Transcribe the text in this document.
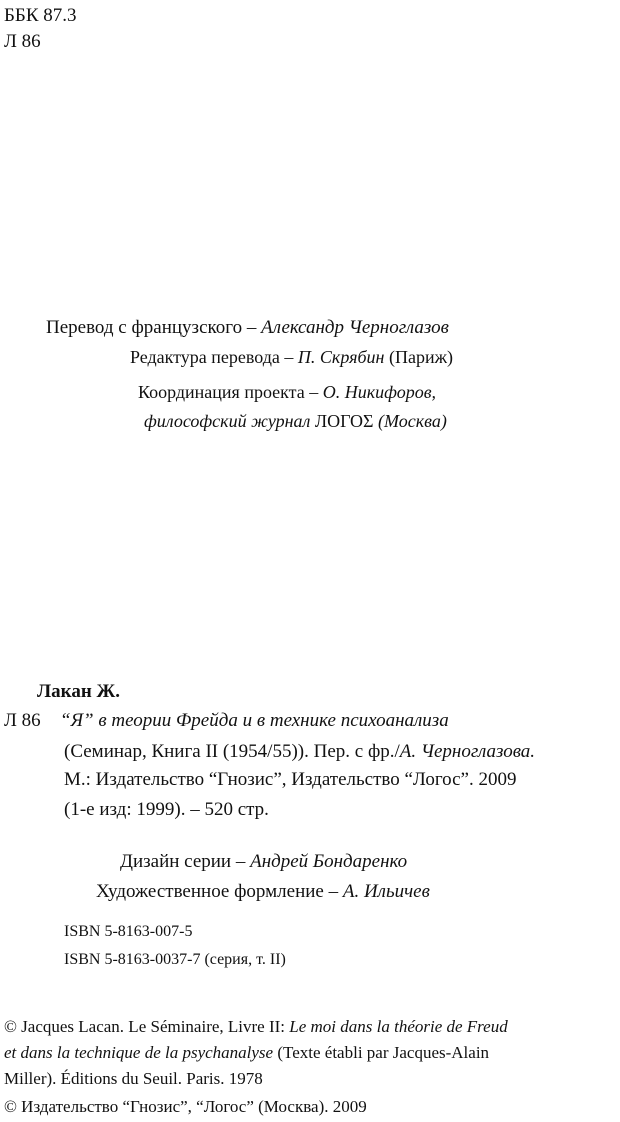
ББК 87.3
Л 86
Перевод с французского – Александр Черноглазов
Редактура перевода – П. Скрябин (Париж)
Координация проекта – О. Никифоров,
философский журнал ЛОГОΣ (Москва)
Лакан Ж.
Л 86 “Я” в теории Фрейда и в технике психоанализа
(Семинар, Книга II (1954/55)). Пер. с фр./А. Черноглазова.
М.: Издательство “Гнозис”, Издательство “Логос”. 2009
(1-е изд: 1999). – 520 стр.
Дизайн серии – Андрей Бондаренко
Художественное формление – А. Ильичев
ISBN 5-8163-007-5
ISBN 5-8163-0037-7 (серия, т. II)
© Jacques Lacan. Le Séminaire, Livre II: Le moi dans la théorie de Freud
et dans la technique de la psychanalyse (Texte établi par Jacques-Alain
Miller). Éditions du Seuil. Paris. 1978
© Издательство “Гнозис”, “Логос” (Москва). 2009
